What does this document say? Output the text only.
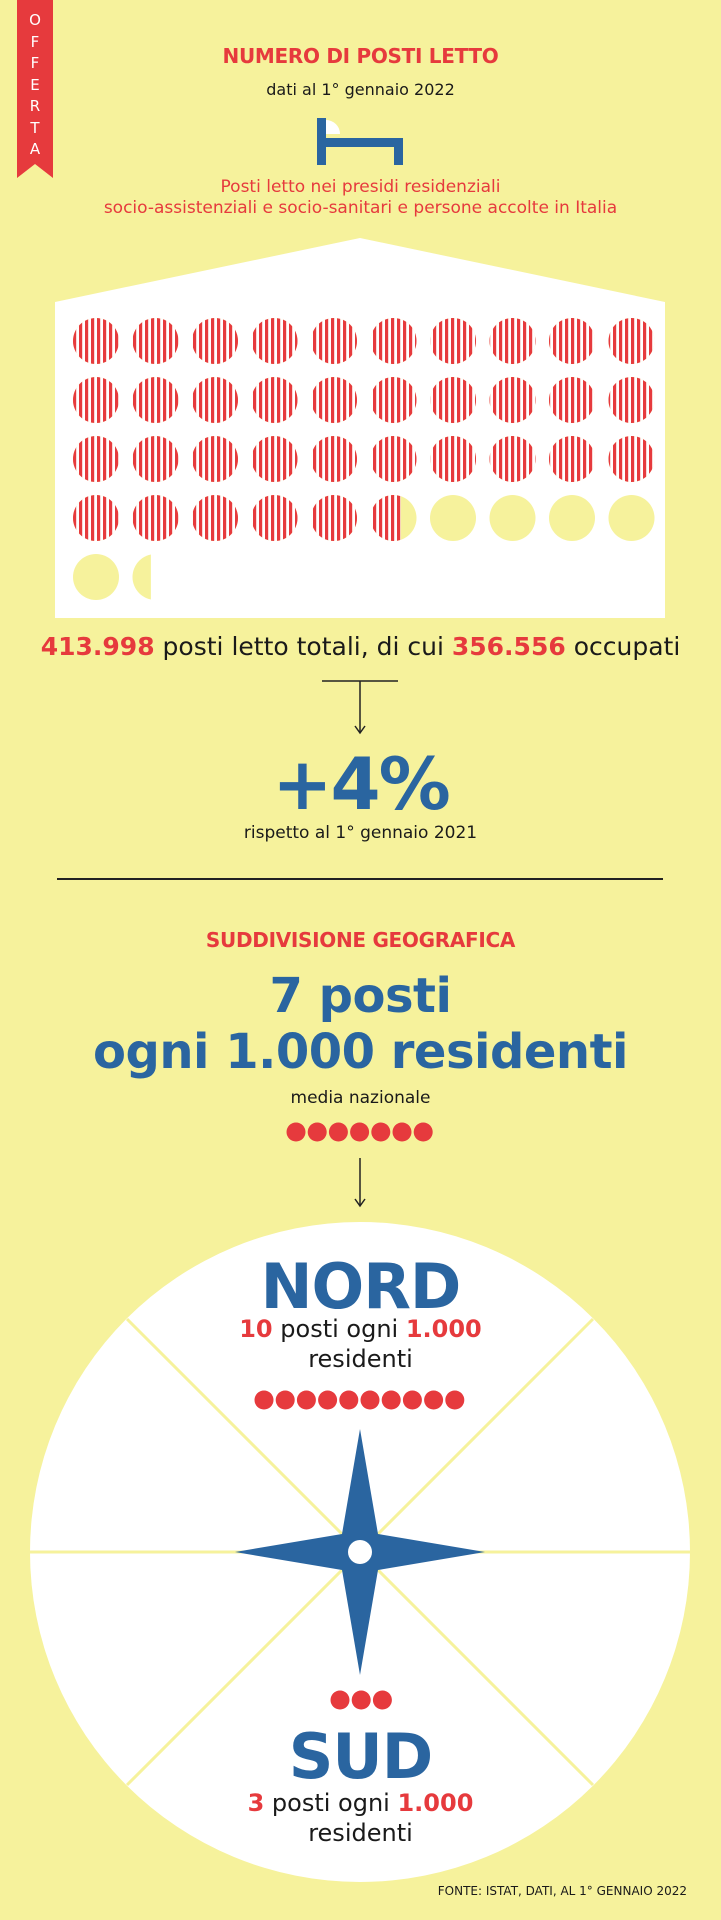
O
F
F
E
R
T
A
NUMERO DI POSTI LETTO
dati al 1° gennaio 2022
Posti letto nei presidi residenziali
socio-assistenziali e socio-sanitari e persone accolte in Italia
413.998 posti letto totali, di cui 356.556 occupati
+4%
rispetto al 1° gennaio 2021
SUDDIVISIONE GEOGRAFICA
7 posti
ogni 1.000 residenti
media nazionale
NORD
10 posti ogni 1.000
residenti
SUD
3 posti ogni 1.000
residenti
FONTE: ISTAT, DATI, AL 1° GENNAIO 2022
